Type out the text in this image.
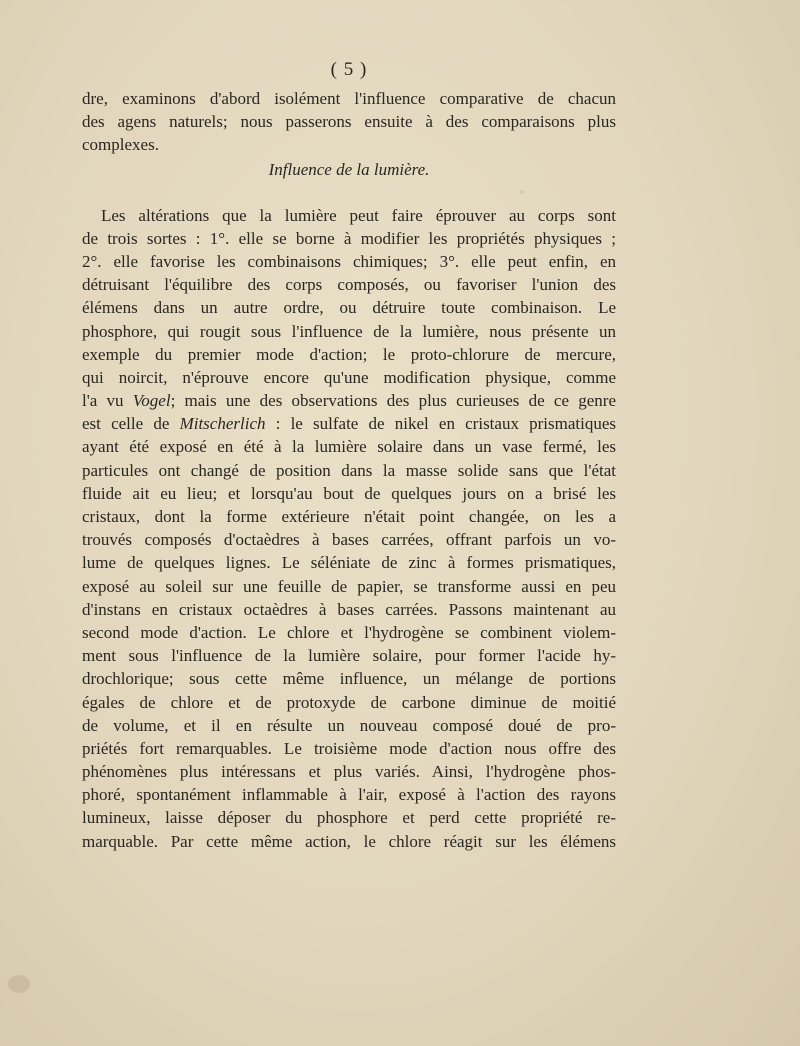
( 5 )
dre, examinons d'abord isolément l'influence comparative de chacun
des agens naturels; nous passerons ensuite à des comparaisons plus
complexes.
Influence de la lumière.
Les altérations que la lumière peut faire éprouver au corps sont
de trois sortes : 1°. elle se borne à modifier les propriétés physiques ;
2°. elle favorise les combinaisons chimiques; 3°. elle peut enfin, en
détruisant l'équilibre des corps composés, ou favoriser l'union des
élémens dans un autre ordre, ou détruire toute combinaison. Le
phosphore, qui rougit sous l'influence de la lumière, nous présente un
exemple du premier mode d'action; le proto-chlorure de mercure,
qui noircit, n'éprouve encore qu'une modification physique, comme
l'a vu Vogel; mais une des observations des plus curieuses de ce genre
est celle de Mitscherlich : le sulfate de nikel en cristaux prismatiques
ayant été exposé en été à la lumière solaire dans un vase fermé, les
particules ont changé de position dans la masse solide sans que l'état
fluide ait eu lieu; et lorsqu'au bout de quelques jours on a brisé les
cristaux, dont la forme extérieure n'était point changée, on les a
trouvés composés d'octaèdres à bases carrées, offrant parfois un vo-
lume de quelques lignes. Le séléniate de zinc à formes prismatiques,
exposé au soleil sur une feuille de papier, se transforme aussi en peu
d'instans en cristaux octaèdres à bases carrées. Passons maintenant au
second mode d'action. Le chlore et l'hydrogène se combinent violem-
ment sous l'influence de la lumière solaire, pour former l'acide hy-
drochlorique; sous cette même influence, un mélange de portions
égales de chlore et de protoxyde de carbone diminue de moitié
de volume, et il en résulte un nouveau composé doué de pro-
priétés fort remarquables. Le troisième mode d'action nous offre des
phénomènes plus intéressans et plus variés. Ainsi, l'hydrogène phos-
phoré, spontanément inflammable à l'air, exposé à l'action des rayons
lumineux, laisse déposer du phosphore et perd cette propriété re-
marquable. Par cette même action, le chlore réagit sur les élémens
